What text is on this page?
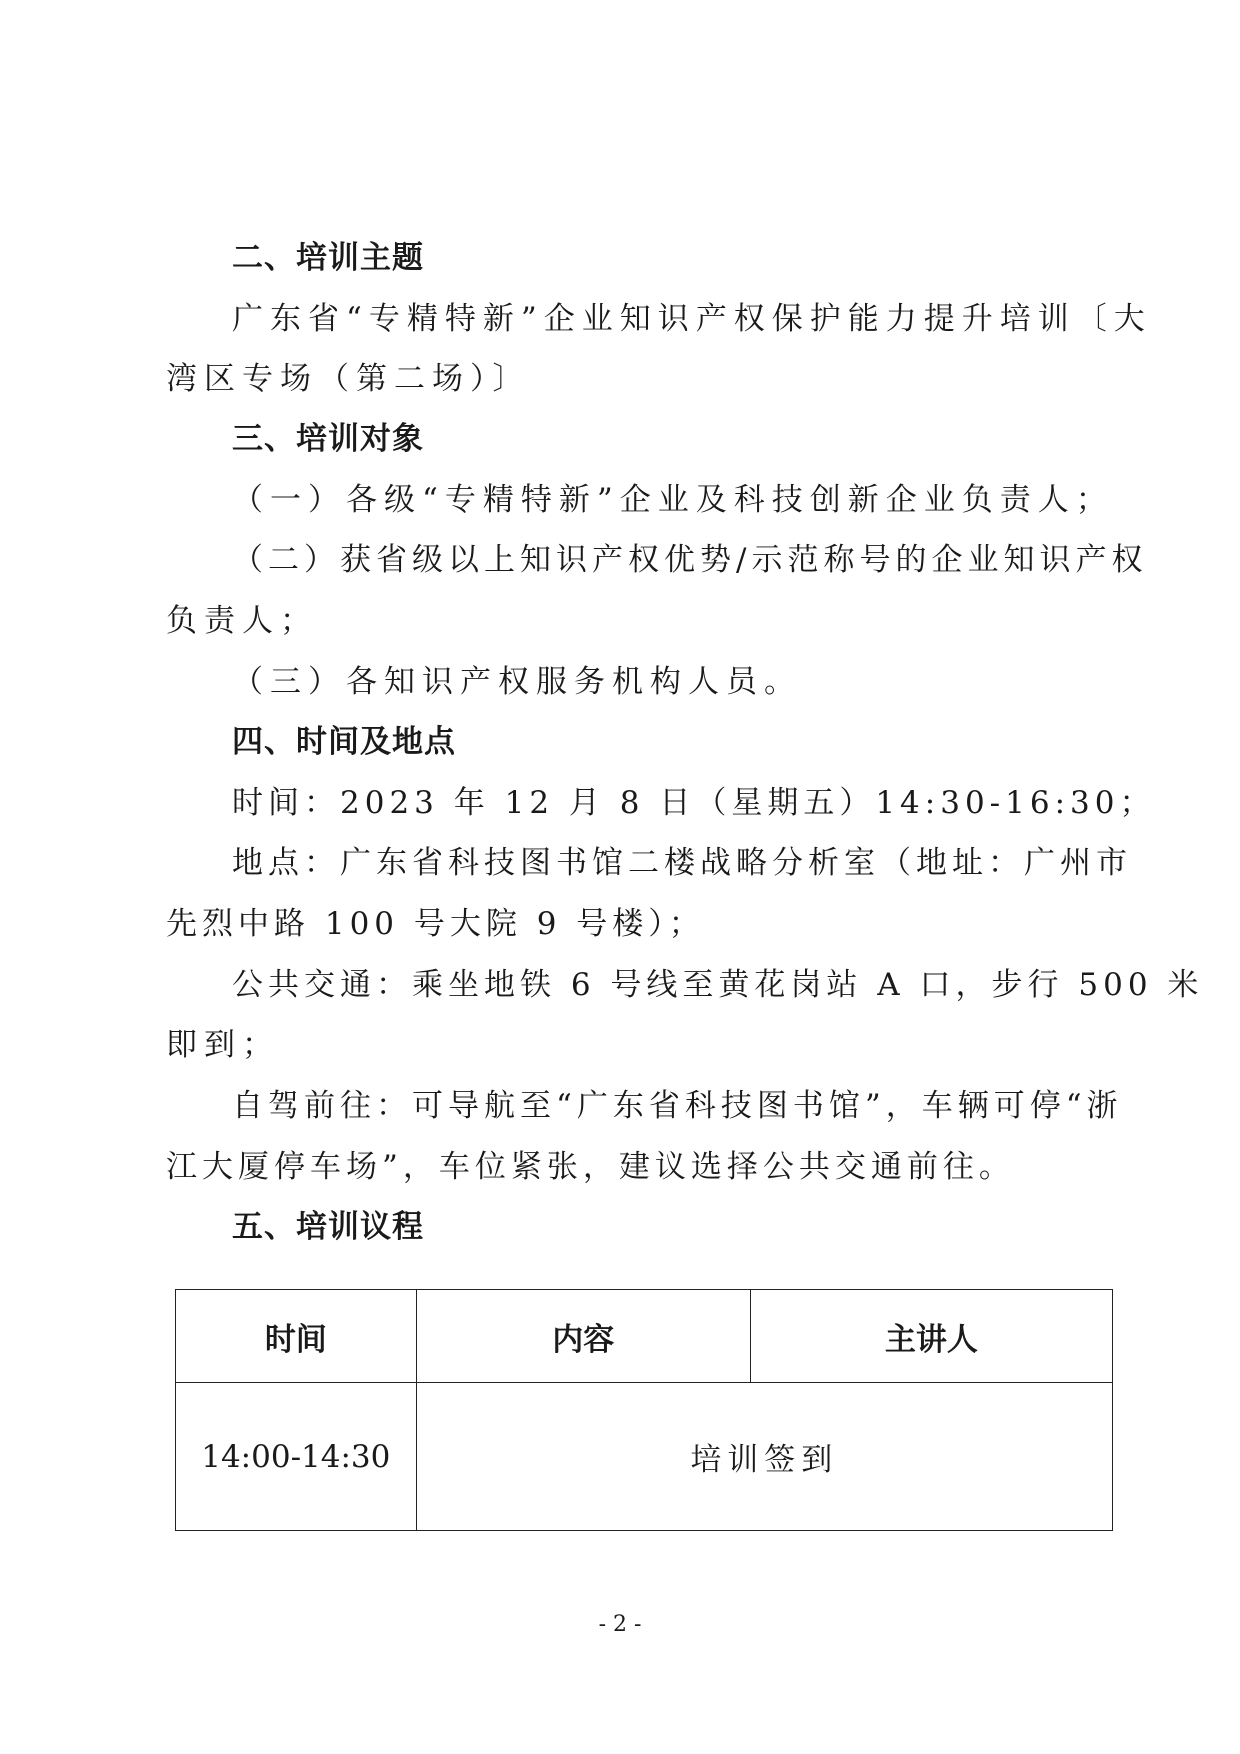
二、培训主题
广东省“专精特新”企业知识产权保护能力提升培训〔大
湾区专场（第二场）〕
三、培训对象
（一）各级“专精特新”企业及科技创新企业负责人；
（二）获省级以上知识产权优势/示范称号的企业知识产权
负责人；
（三）各知识产权服务机构人员。
四、时间及地点
时间：2023 年 12 月 8 日（星期五）14:30-16:30；
地点：广东省科技图书馆二楼战略分析室（地址：广州市
先烈中路 100 号大院 9 号楼）；
公共交通：乘坐地铁 6 号线至黄花岗站 A 口，步行 500 米
即到；
自驾前往：可导航至“广东省科技图书馆”，车辆可停“浙
江大厦停车场”，车位紧张，建议选择公共交通前往。
五、培训议程
时间	内容	主讲人
14:00-14:30	培训签到	
- 2 -
